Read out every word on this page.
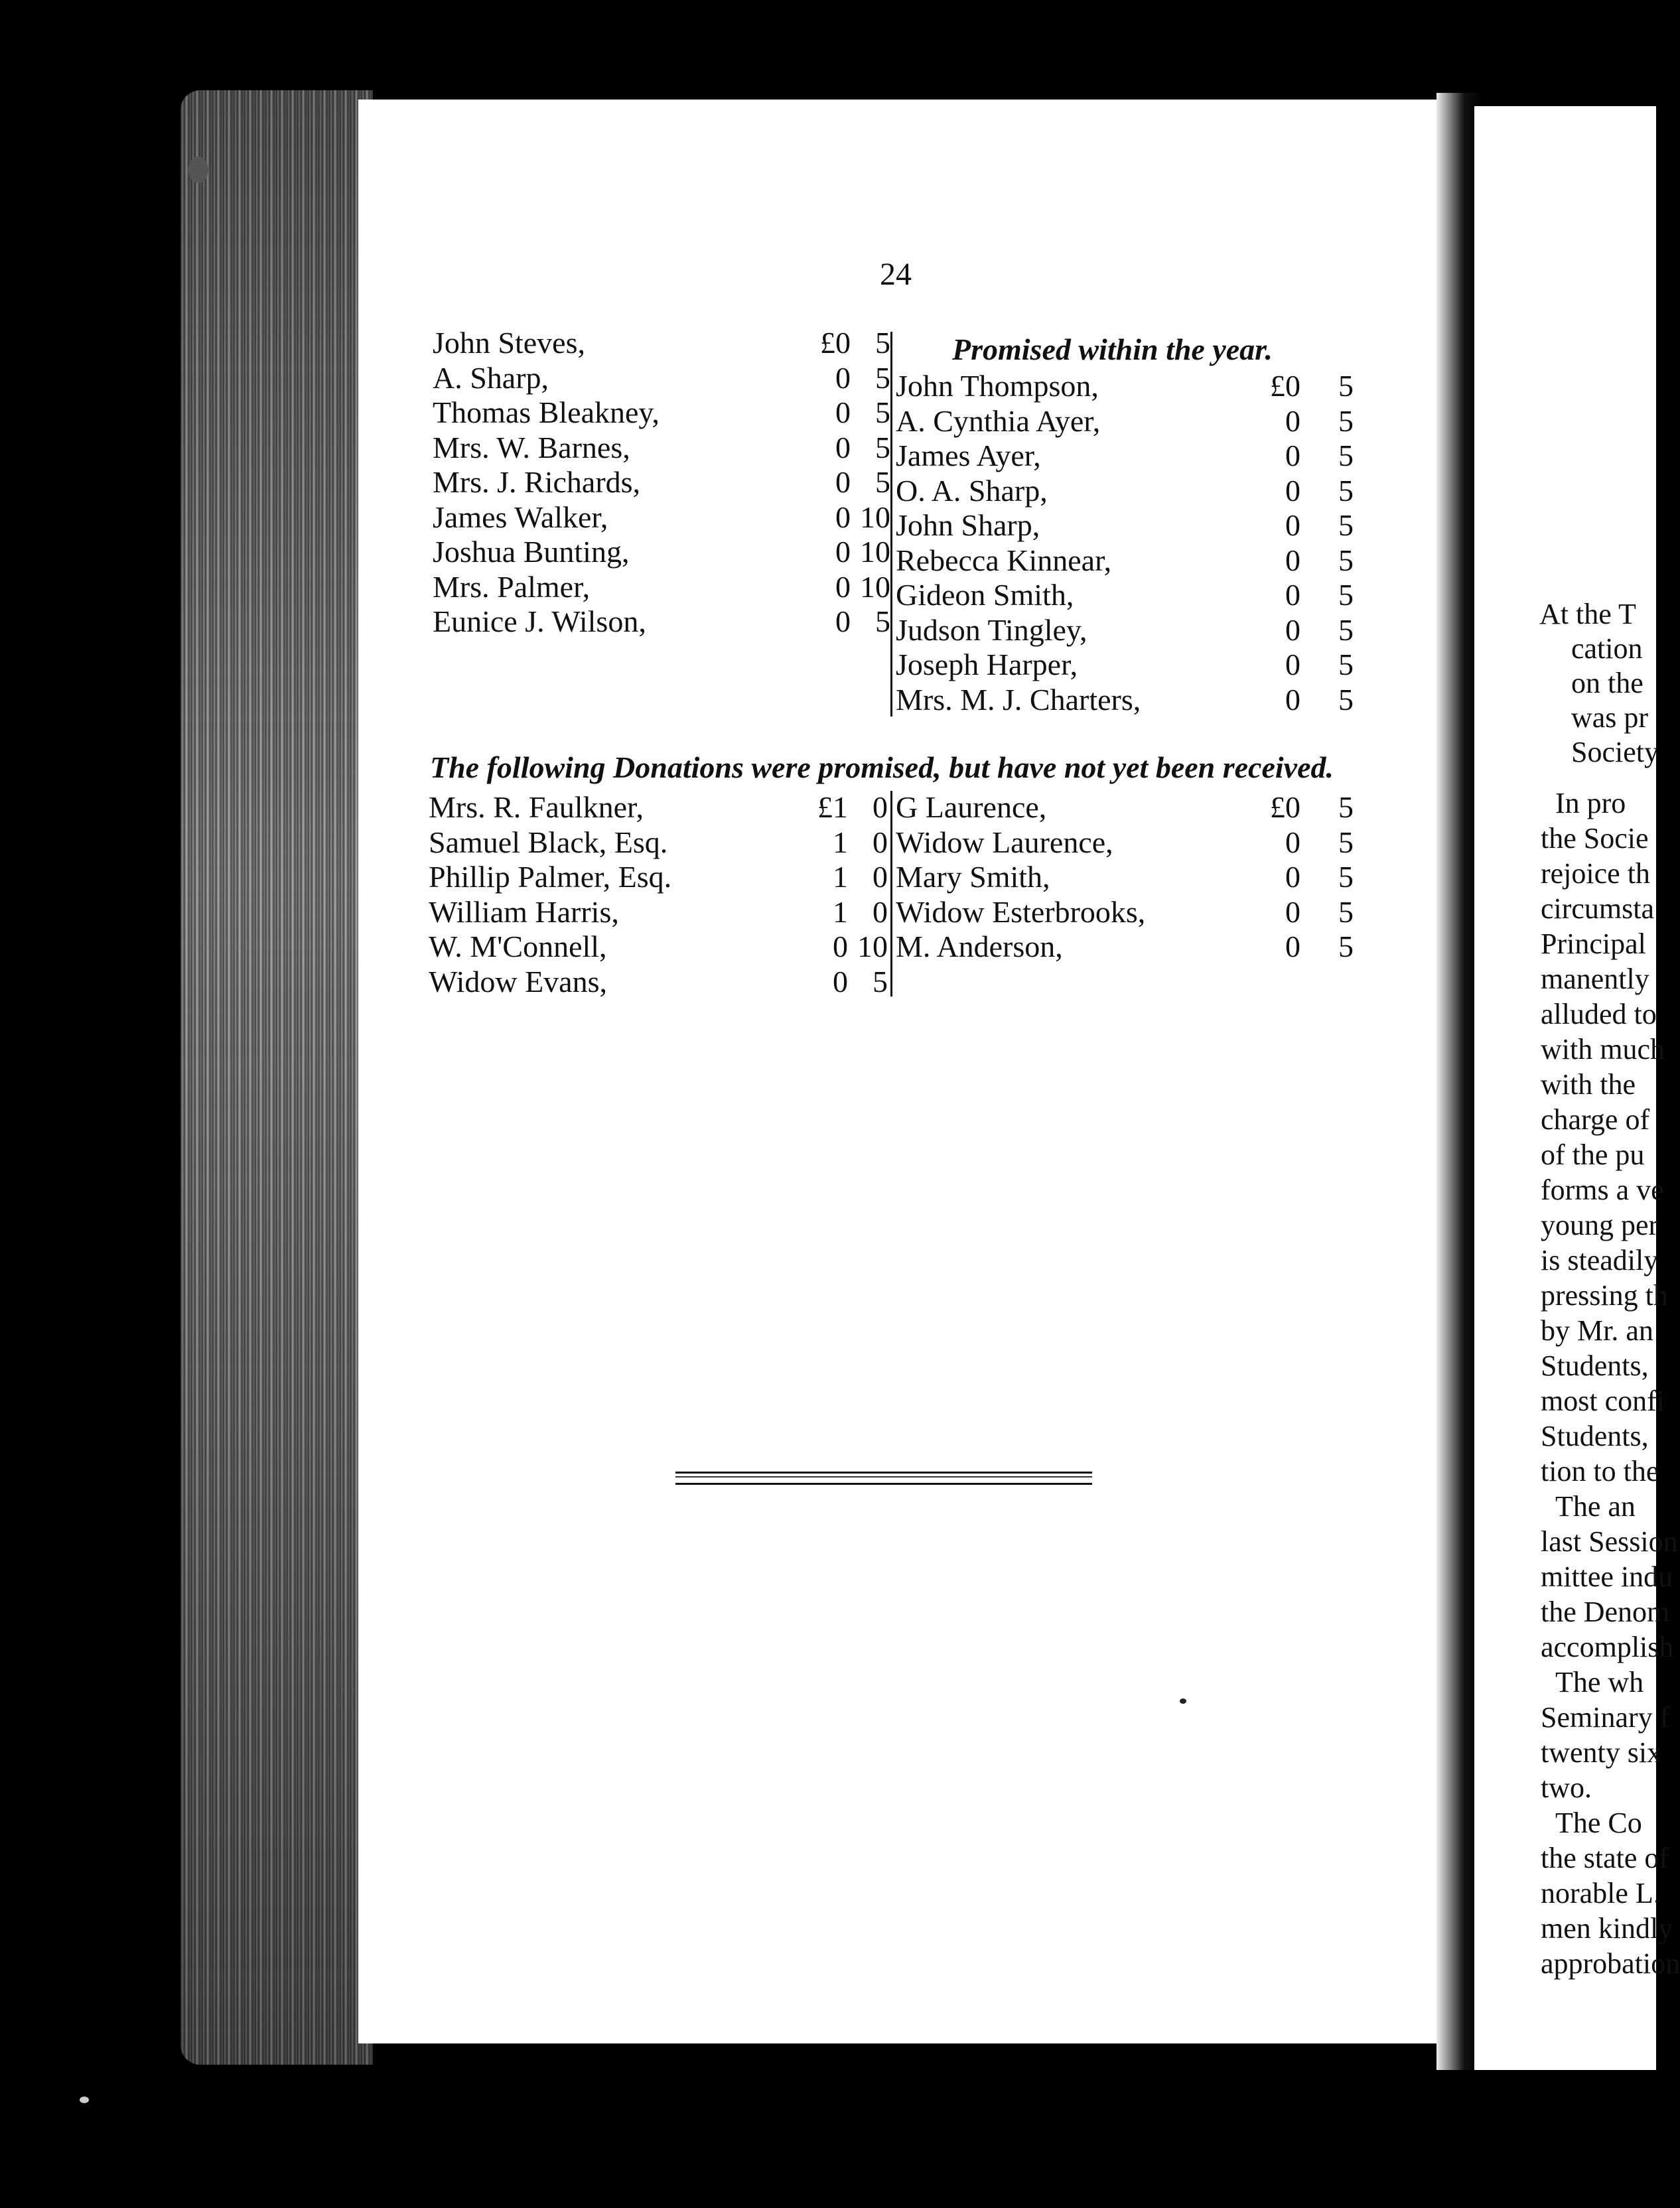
At the T
cation
on the
was pr
Society
In pro
the Socie
rejoice th
circumsta
Principal
manently
alluded to
with much
with the
charge of
of the pu
forms a ve
young per
is steadily
pressing th
by Mr. an
Students,
most confi
Students,
tion to the
The an
last Session
mittee indu
the Denom
accomplish
The wh
Seminary f
twenty six
two.
The Co
the state of
norable L.
men kindly
approbation
24
John Steves,	£0 5
A. Sharp,	0 5
Thomas Bleakney,	0 5
Mrs. W. Barnes,	0 5
Mrs. J. Richards,	0 5
James Walker,	0 10
Joshua Bunting,	0 10
Mrs. Palmer,	0 10
Eunice J. Wilson,	0 5
Promised within the year.
John Thompson,	£0	5
A. Cynthia Ayer,	0	5
James Ayer,	0	5
O. A. Sharp,	0	5
John Sharp,	0	5
Rebecca Kinnear,	0	5
Gideon Smith,	0	5
Judson Tingley,	0	5
Joseph Harper,	0	5
Mrs. M. J. Charters,	0	5
The following Donations were promised, but have not yet been received.
Mrs. R. Faulkner,	£1 0
Samuel Black, Esq.	1 0
Phillip Palmer, Esq.	1 0
William Harris,	1 0
W. M'Connell,	0 10
Widow Evans,	0 5
G Laurence,	£0	5
Widow Laurence,	0	5
Mary Smith,	0	5
Widow Esterbrooks,	0	5
M. Anderson,	0	5
